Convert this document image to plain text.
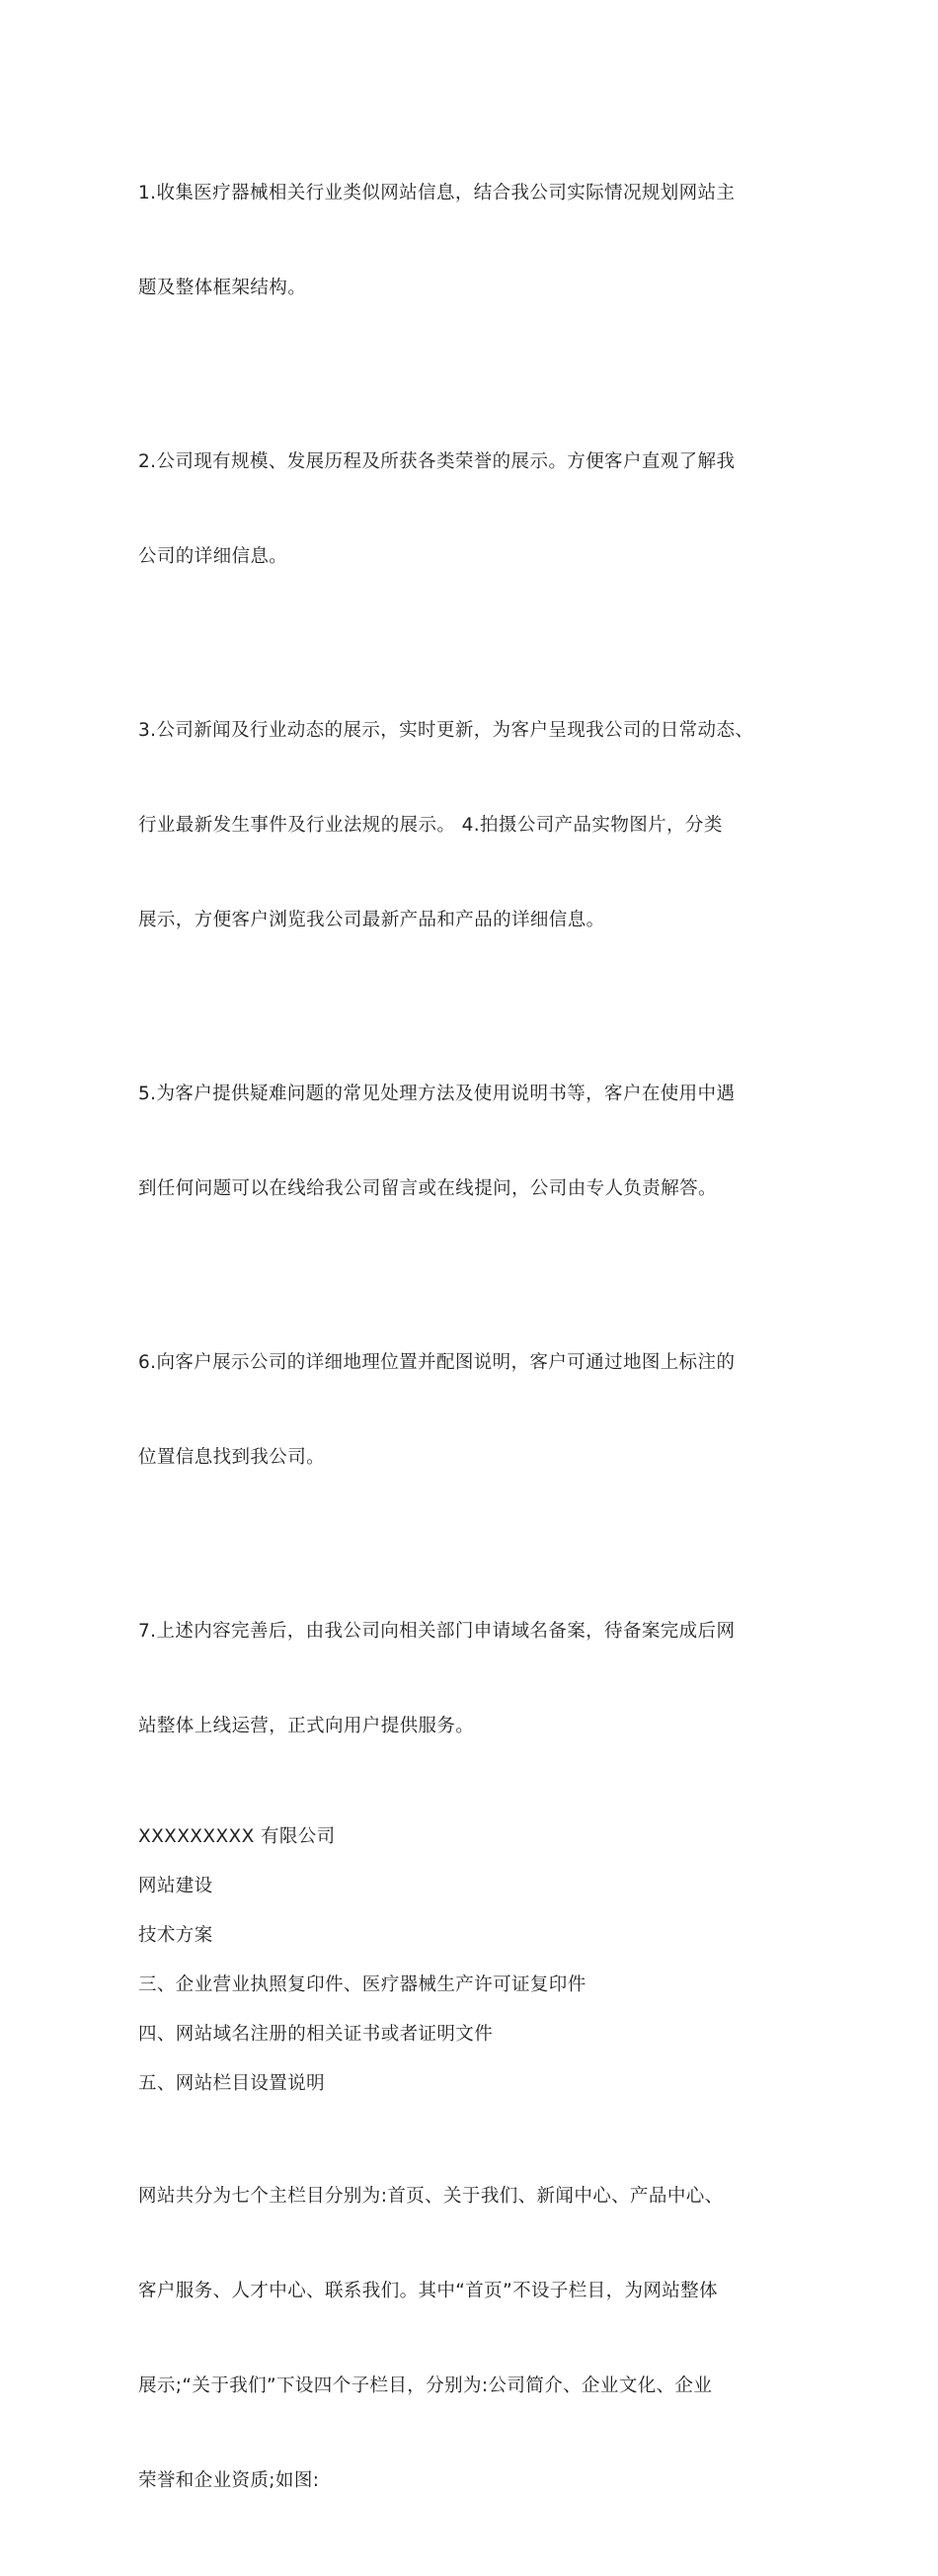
1.收集医疗器械相关行业类似网站信息，结合我公司实际情况规划网站主

题及整体框架结构。

2.公司现有规模、发展历程及所获各类荣誉的展示。方便客户直观了解我

公司的详细信息。

3.公司新闻及行业动态的展示，实时更新，为客户呈现我公司的日常动态、

行业最新发生事件及行业法规的展示。 4.拍摄公司产品实物图片，分类

展示，方便客户浏览我公司最新产品和产品的详细信息。

5.为客户提供疑难问题的常见处理方法及使用说明书等，客户在使用中遇

到任何问题可以在线给我公司留言或在线提问，公司由专人负责解答。

6.向客户展示公司的详细地理位置并配图说明，客户可通过地图上标注的

位置信息找到我公司。

7.上述内容完善后，由我公司向相关部门申请域名备案，待备案完成后网

站整体上线运营，正式向用户提供服务。

XXXXXXXXX 有限公司
网站建设
技术方案
三、企业营业执照复印件、医疗器械生产许可证复印件
四、网站域名注册的相关证书或者证明文件
五、网站栏目设置说明

网站共分为七个主栏目分别为:首页、关于我们、新闻中心、产品中心、

客户服务、人才中心、联系我们。其中“首页”不设子栏目，为网站整体

展示;“关于我们”下设四个子栏目，分别为:公司简介、企业文化、企业

荣誉和企业资质;如图:
